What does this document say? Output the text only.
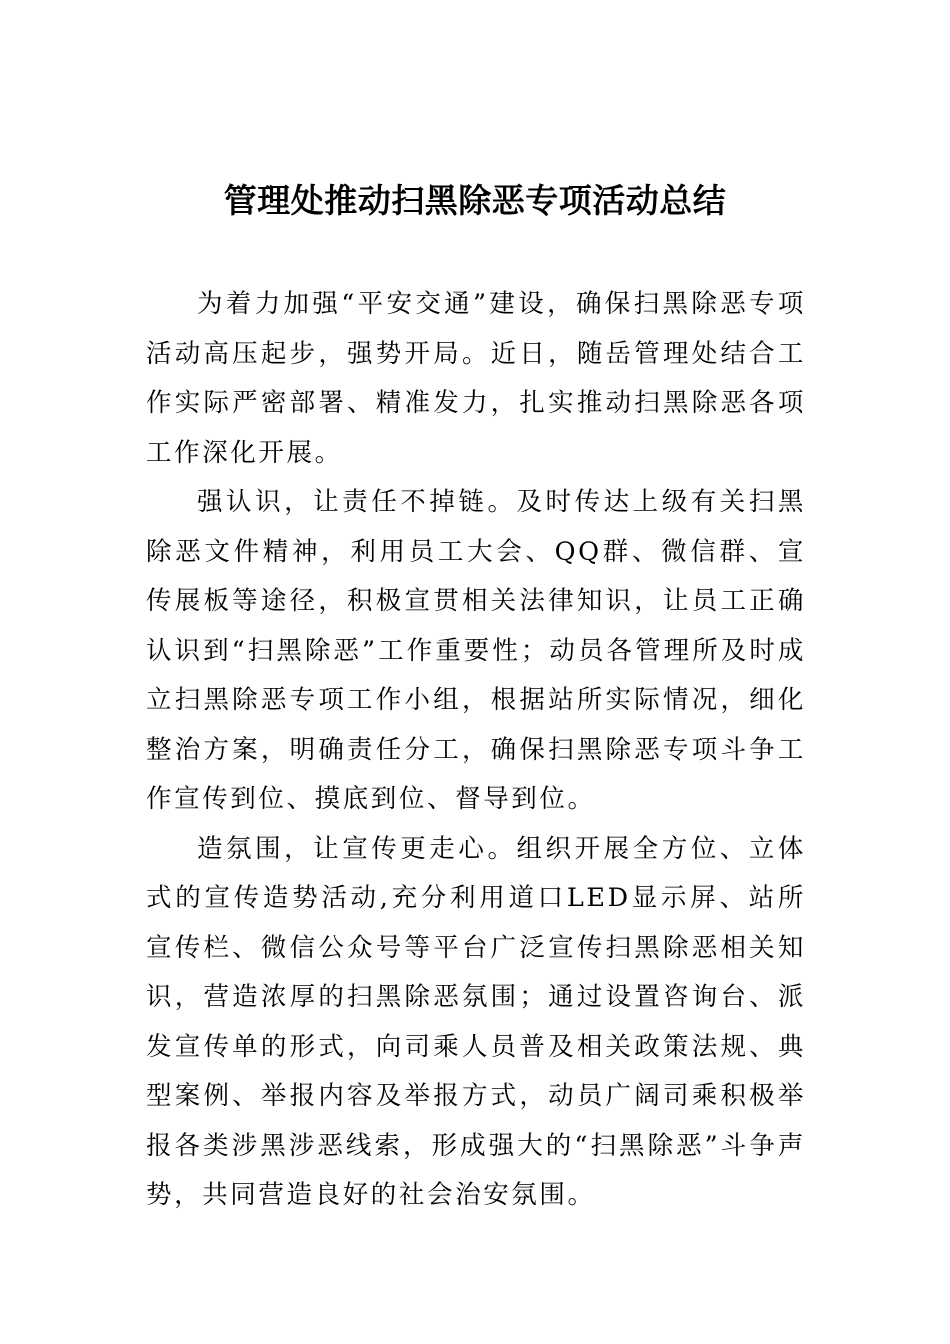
管理处推动扫黑除恶专项活动总结

为着力加强“平安交通”建设，确保扫黑除恶专项活动高压起步，强势开局。近日，随岳管理处结合工作实际严密部署、精准发力，扎实推动扫黑除恶各项工作深化开展。

强认识，让责任不掉链。及时传达上级有关扫黑除恶文件精神，利用员工大会、QQ群、微信群、宣传展板等途径，积极宣贯相关法律知识，让员工正确认识到“扫黑除恶”工作重要性；动员各管理所及时成立扫黑除恶专项工作小组，根据站所实际情况，细化整治方案，明确责任分工，确保扫黑除恶专项斗争工作宣传到位、摸底到位、督导到位。

造氛围，让宣传更走心。组织开展全方位、立体式的宣传造势活动,充分利用道口LED显示屏、站所宣传栏、微信公众号等平台广泛宣传扫黑除恶相关知识，营造浓厚的扫黑除恶氛围；通过设置咨询台、派发宣传单的形式，向司乘人员普及相关政策法规、典型案例、举报内容及举报方式，动员广阔司乘积极举报各类涉黑涉恶线索，形成强大的“扫黑除恶”斗争声势，共同营造良好的社会治安氛围。
